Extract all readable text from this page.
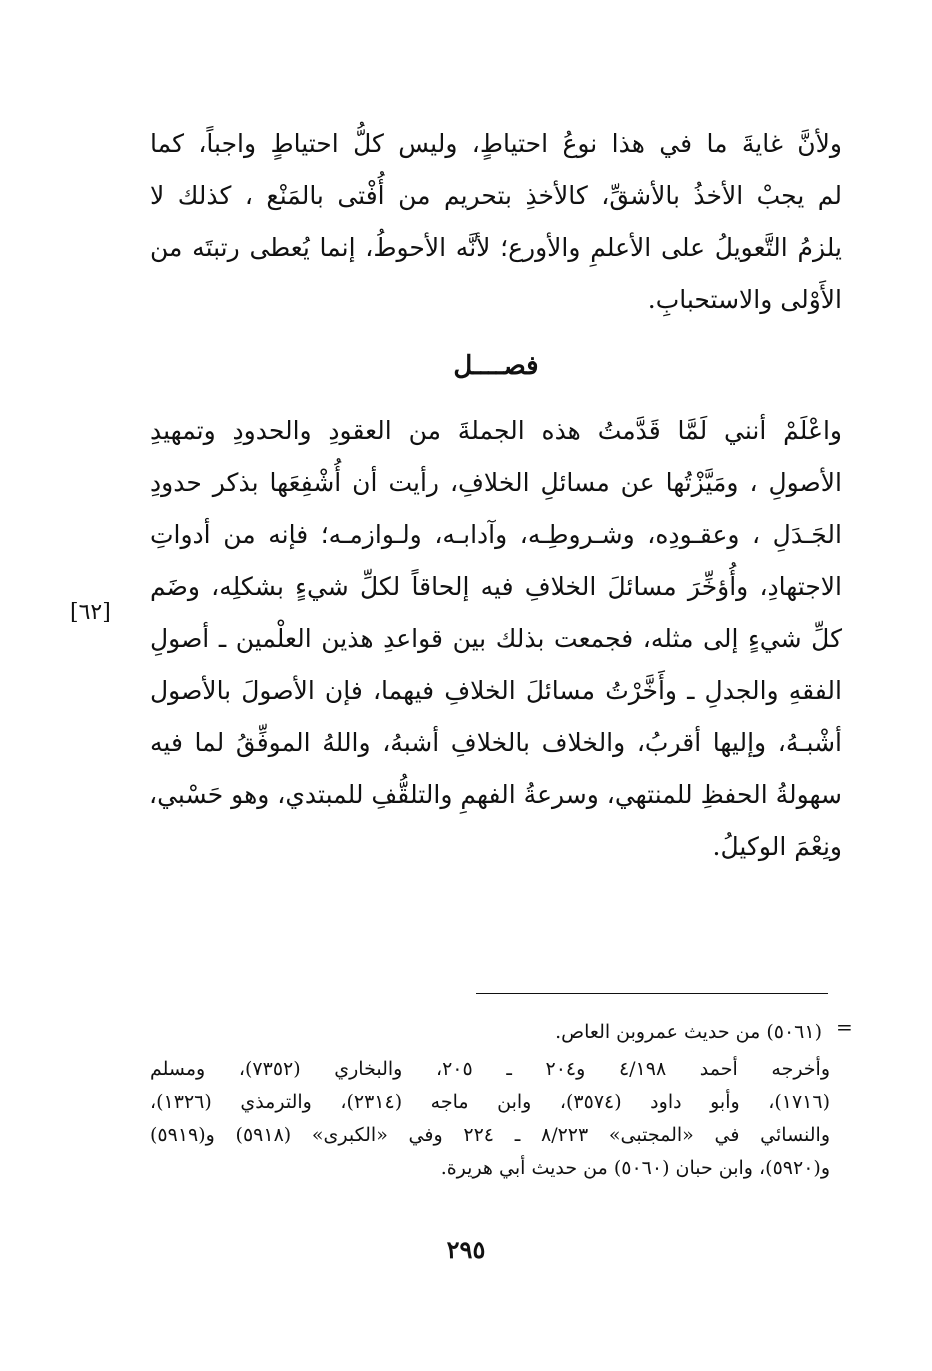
ولأنَّ غايةَ ما في هذا نوعُ احتياطٍ، وليس كلُّ احتياطٍ واجباً، كما
لم يجبْ الأخذُ بالأشقِّ، كالأخذِ بتحريم من أُفْتى بالمَنْع ، كذلك لا
يلزمُ التَّعويلُ على الأعلمِ والأورع؛ لأنَّه الأحوطُ، إنما يُعطى رتبتَه من
الأَوْلى والاستحبابِ.

فصــــل

واعْلَمْ أنني لَمَّا قَدَّمتُ هذه الجملةَ من العقودِ والحدودِ وتمهيدِ
الأصولِ ، ومَيَّزْتُها عن مسائلِ الخلافِ، رأيت أن أُشْفِعَها بذكر حدودِ
الجَـدَلِ ، وعقـودِه، وشـروطِـه، وآدابـه، ولـوازمـه؛ فإنه من أدواتِ
الاجتهادِ، وأُؤخِّرَ مسائلَ الخلافِ فيه إلحاقاً لكلِّ شيءٍ بشكلِه، وضَم
كلِّ شيءٍ إلى مثله، فجمعت بذلك بين قواعدِ هذين العلْمين ـ أصولِ
الفقهِ والجدلِ ـ وأَخَّرْتُ مسائلَ الخلافِ فيهما، فإن الأصولَ بالأصول
أشْبـهُ، وإليها أقربُ، والخلاف بالخلافِ أشبهُ، واللهُ الموفِّقُ لما فيه
سهولةُ الحفظِ للمنتهي، وسرعةُ الفهمِ والتلقُّفِ للمبتدي، وهو حَسْبي،
ونِعْمَ الوكيلُ.

[٦٢]
=

(٥٠٦١) من حديث عمروبن العاص.

وأخرجه أحمد ٤/١٩٨ و٢٠٤ ـ ٢٠٥، والبخاري (٧٣٥٢)، ومسلم
(١٧١٦)، وأبو داود (٣٥٧٤)، وابن ماجه (٢٣١٤)، والترمذي (١٣٢٦)،
والنسائي في «المجتبى» ٨/٢٢٣ ـ ٢٢٤ وفي «الكبرى» (٥٩١٨) و(٥٩١٩)
و(٥٩٢٠)، وابن حبان (٥٠٦٠) من حديث أبي هريرة.

٢٩٥
